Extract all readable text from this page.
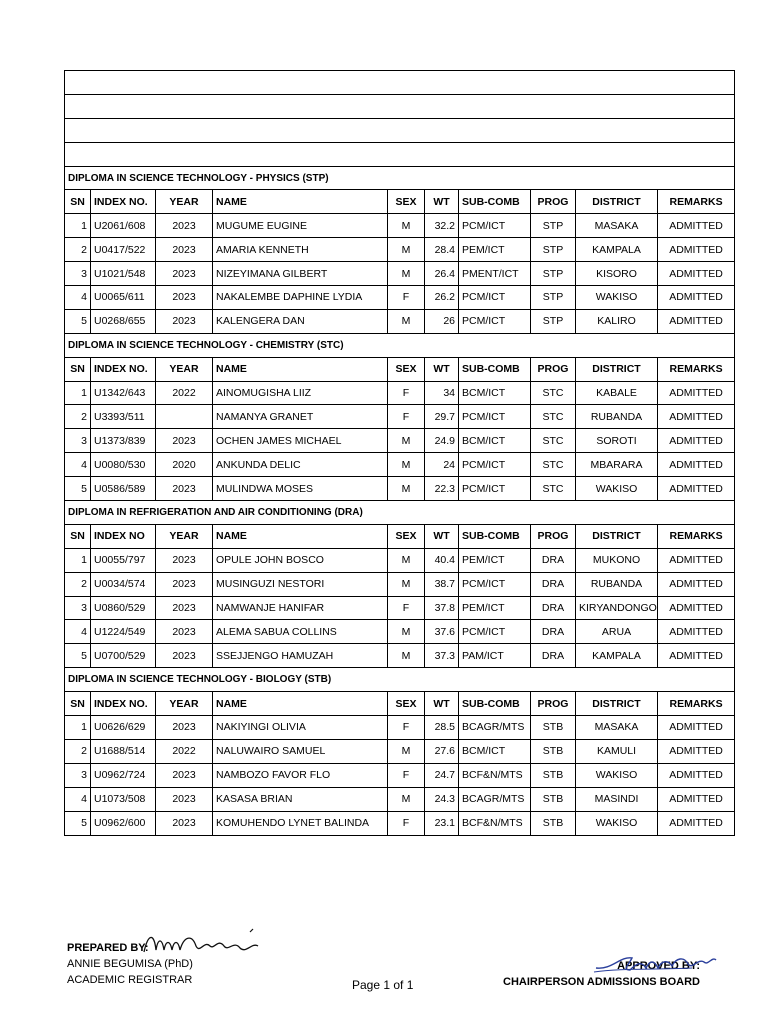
DIPLOMA IN SCIENCE TECHNOLOGY - PHYSICS (STP)									
SN	INDEX NO.	YEAR	NAME	SEX	WT	SUB-COMB	PROG	DISTRICT	REMARKS
1	U2061/608	2023	MUGUME EUGINE	M	32.2	PCM/ICT	STP	MASAKA	ADMITTED
2	U0417/522	2023	AMARIA KENNETH	M	28.4	PEM/ICT	STP	KAMPALA	ADMITTED
3	U1021/548	2023	NIZEYIMANA GILBERT	M	26.4	PMENT/ICT	STP	KISORO	ADMITTED
4	U0065/611	2023	NAKALEMBE DAPHINE LYDIA	F	26.2	PCM/ICT	STP	WAKISO	ADMITTED
5	U0268/655	2023	KALENGERA DAN	M	26	PCM/ICT	STP	KALIRO	ADMITTED
DIPLOMA IN SCIENCE TECHNOLOGY - CHEMISTRY (STC)									
SN	INDEX NO.	YEAR	NAME	SEX	WT	SUB-COMB	PROG	DISTRICT	REMARKS
1	U1342/643	2022	AINOMUGISHA LIIZ	F	34	BCM/ICT	STC	KABALE	ADMITTED
2	U3393/511		NAMANYA GRANET	F	29.7	PCM/ICT	STC	RUBANDA	ADMITTED
3	U1373/839	2023	OCHEN JAMES MICHAEL	M	24.9	BCM/ICT	STC	SOROTI	ADMITTED
4	U0080/530	2020	ANKUNDA DELIC	M	24	PCM/ICT	STC	MBARARA	ADMITTED
5	U0586/589	2023	MULINDWA MOSES	M	22.3	PCM/ICT	STC	WAKISO	ADMITTED
DIPLOMA IN REFRIGERATION AND AIR CONDITIONING (DRA)									
SN	INDEX NO	YEAR	NAME	SEX	WT	SUB-COMB	PROG	DISTRICT	REMARKS
1	U0055/797	2023	OPULE JOHN BOSCO	M	40.4	PEM/ICT	DRA	MUKONO	ADMITTED
2	U0034/574	2023	MUSINGUZI NESTORI	M	38.7	PCM/ICT	DRA	RUBANDA	ADMITTED
3	U0860/529	2023	NAMWANJE HANIFAR	F	37.8	PEM/ICT	DRA	KIRYANDONGO	ADMITTED
4	U1224/549	2023	ALEMA SABUA COLLINS	M	37.6	PCM/ICT	DRA	ARUA	ADMITTED
5	U0700/529	2023	SSEJJENGO HAMUZAH	M	37.3	PAM/ICT	DRA	KAMPALA	ADMITTED
DIPLOMA IN SCIENCE TECHNOLOGY - BIOLOGY (STB)									
SN	INDEX NO.	YEAR	NAME	SEX	WT	SUB-COMB	PROG	DISTRICT	REMARKS
1	U0626/629	2023	NAKIYINGI OLIVIA	F	28.5	BCAGR/MTS	STB	MASAKA	ADMITTED
2	U1688/514	2022	NALUWAIRO SAMUEL	M	27.6	BCM/ICT	STB	KAMULI	ADMITTED
3	U0962/724	2023	NAMBOZO FAVOR FLO	F	24.7	BCF&N/MTS	STB	WAKISO	ADMITTED
4	U1073/508	2023	KASASA BRIAN	M	24.3	BCAGR/MTS	STB	MASINDI	ADMITTED
5	U0962/600	2023	KOMUHENDO LYNET BALINDA	F	23.1	BCF&N/MTS	STB	WAKISO	ADMITTED
PREPARED BY:
ANNIE BEGUMISA (PhD)
ACADEMIC REGISTRAR	Page 1 of 1
APPROVED BY:
CHAIRPERSON ADMISSIONS BOARD
